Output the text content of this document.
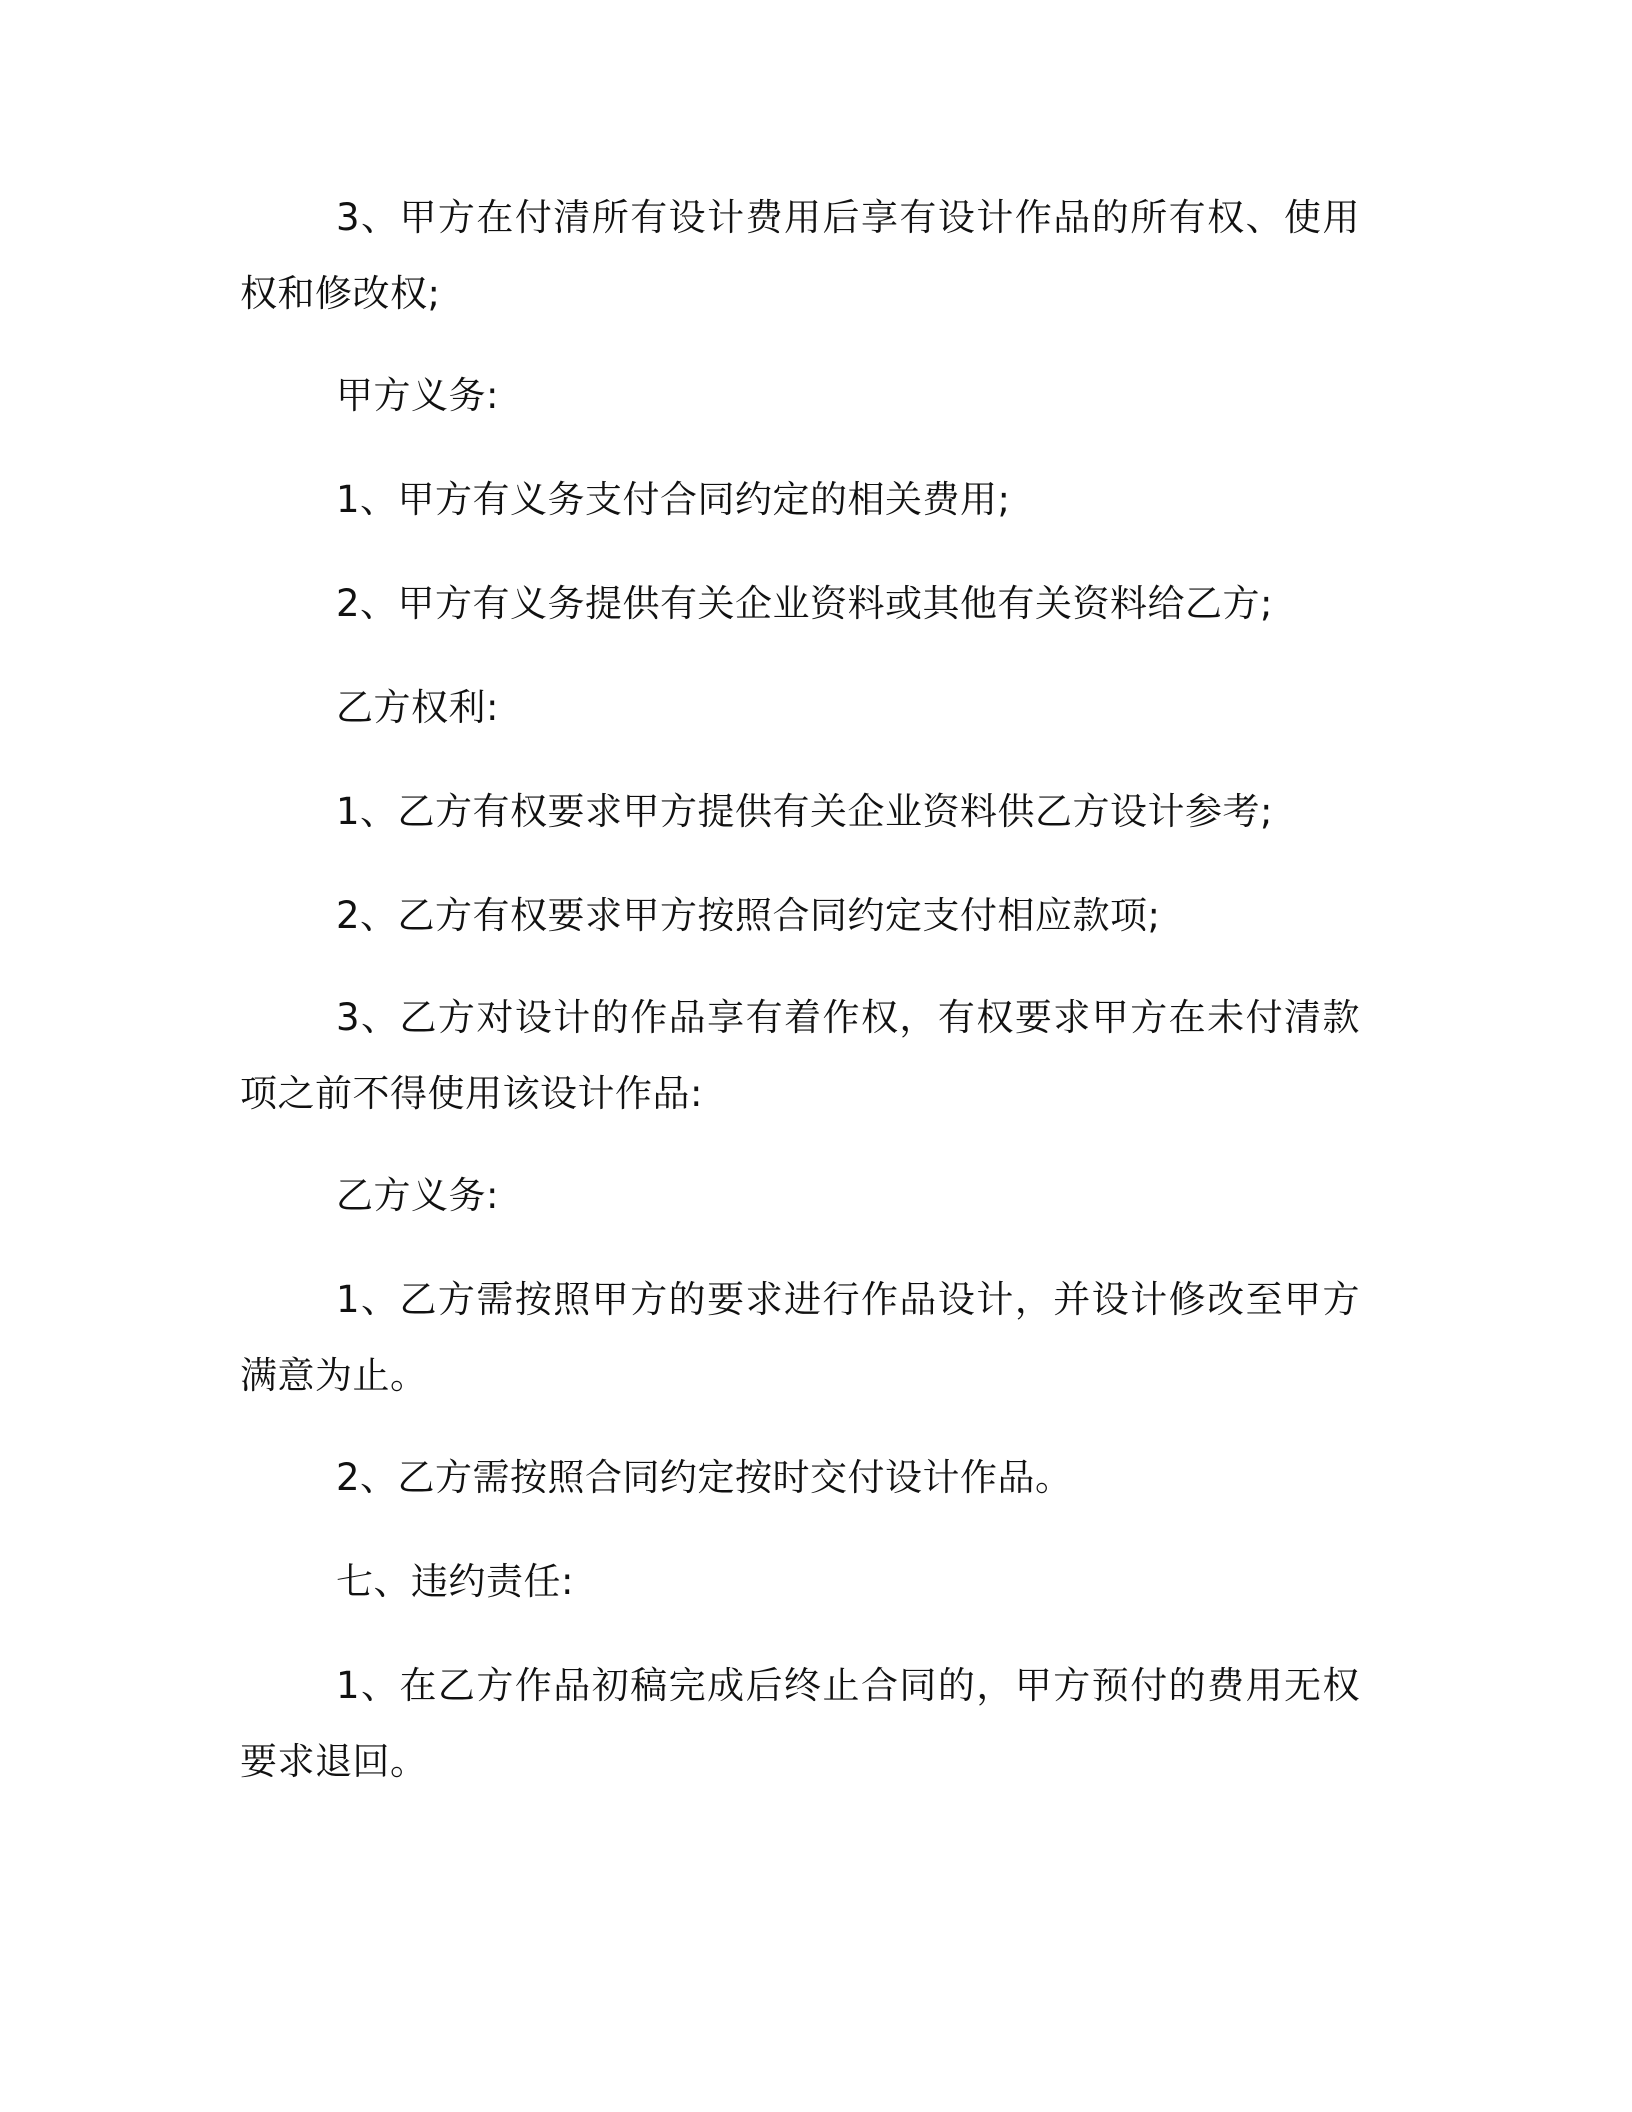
3、甲方在付清所有设计费用后享有设计作品的所有权、使用权和修改权;

甲方义务:

1、甲方有义务支付合同约定的相关费用;

2、甲方有义务提供有关企业资料或其他有关资料给乙方;

乙方权利:

1、乙方有权要求甲方提供有关企业资料供乙方设计参考;

2、乙方有权要求甲方按照合同约定支付相应款项;

3、乙方对设计的作品享有着作权，有权要求甲方在未付清款项之前不得使用该设计作品:

乙方义务:

1、乙方需按照甲方的要求进行作品设计，并设计修改至甲方满意为止。

2、乙方需按照合同约定按时交付设计作品。

七、违约责任:

1、在乙方作品初稿完成后终止合同的，甲方预付的费用无权要求退回。
